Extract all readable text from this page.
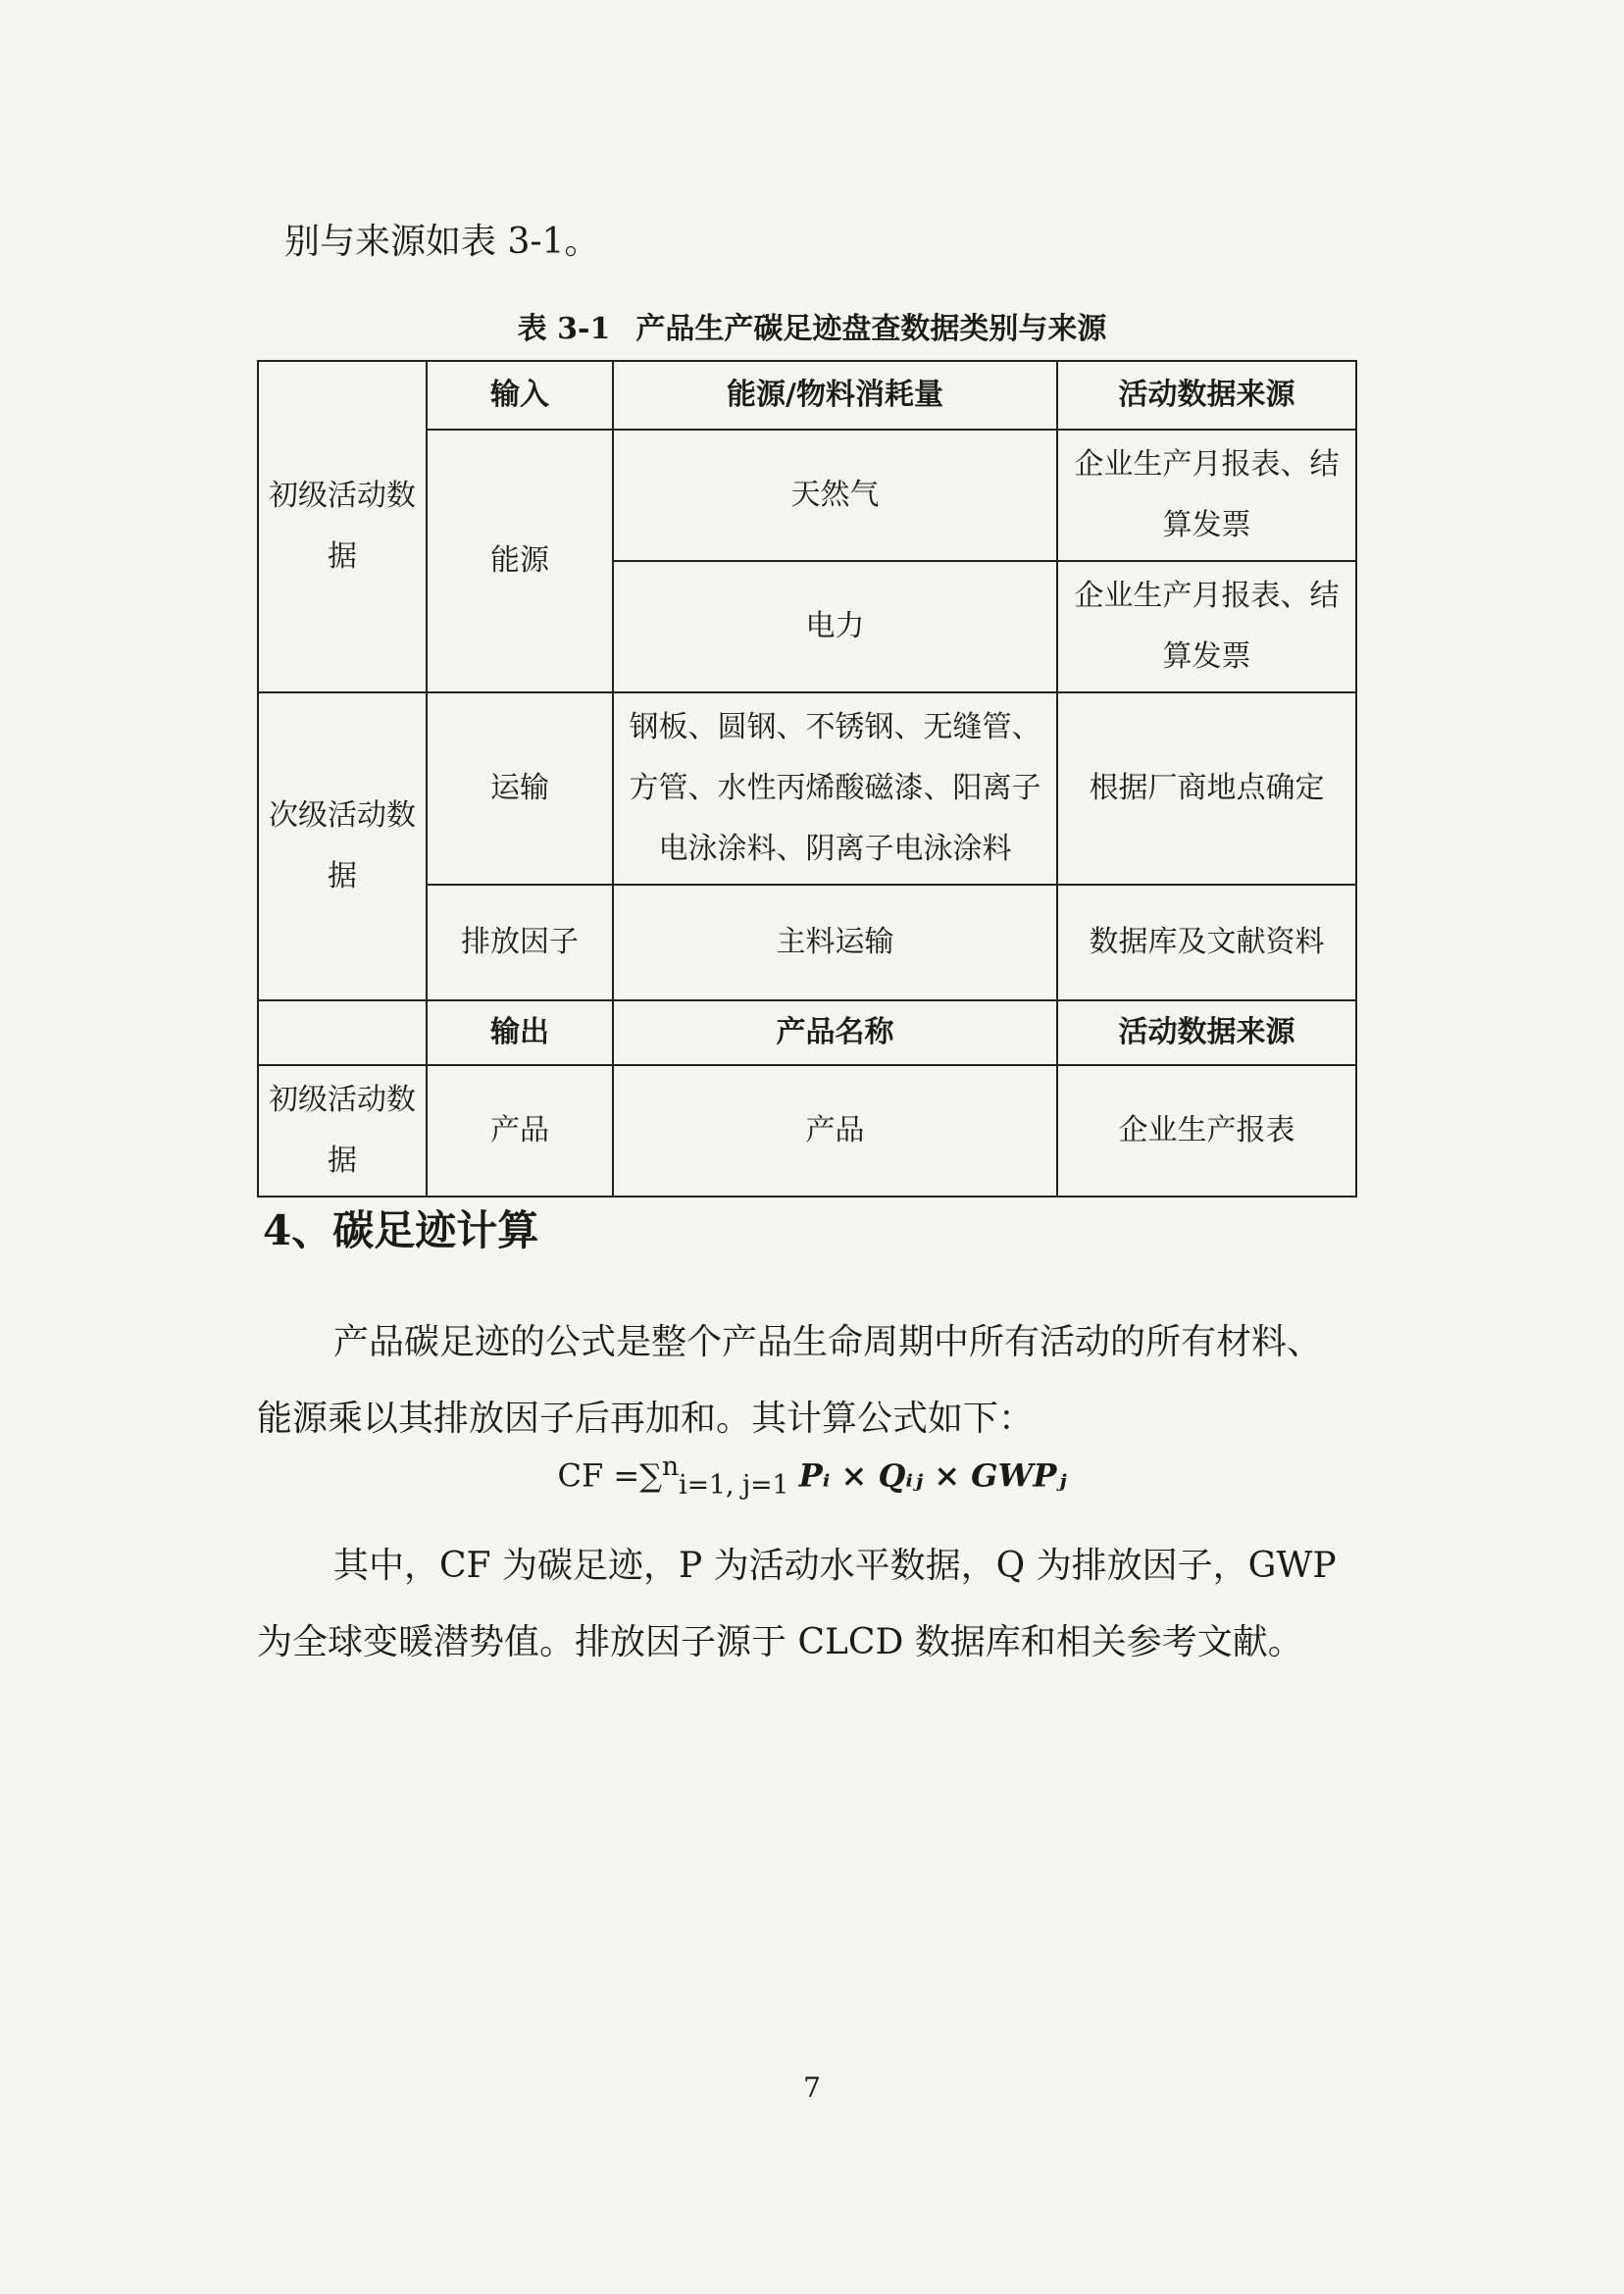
别与来源如表 3-1。
表 3-1 产品生产碳足迹盘查数据类别与来源
初级活动数据	输入	能源/物料消耗量	活动数据来源
	能源	天然气	企业生产月报表、结算发票
		电力	企业生产月报表、结算发票
次级活动数据	运输	钢板、圆钢、不锈钢、无缝管、方管、水性丙烯酸磁漆、阳离子电泳涂料、阴离子电泳涂料	根据厂商地点确定
	排放因子	主料运输	数据库及文献资料
	输出	产品名称	活动数据来源
初级活动数据	产品	产品	企业生产报表
4、碳足迹计算
产品碳足迹的公式是整个产品生命周期中所有活动的所有材料、能源乘以其排放因子后再加和。其计算公式如下：
CF =∑$^n_{i=1, j=1}$ Pᵢ × Qᵢⱼ × GWPⱼ
其中，CF 为碳足迹，P 为活动水平数据，Q 为排放因子，GWP 为全球变暖潜势值。排放因子源于 CLCD 数据库和相关参考文献。
7
